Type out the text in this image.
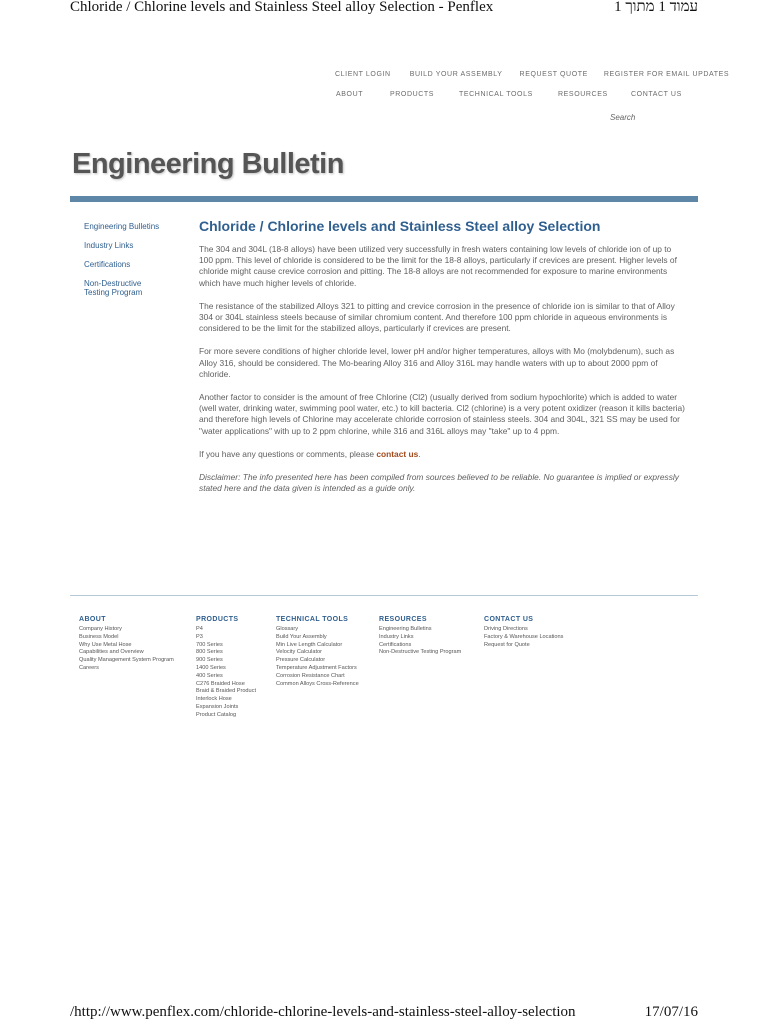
Chloride / Chlorine levels and Stainless Steel alloy Selection - Penflex	עמוד 1 מתוך 1
CLIENT LOGIN	BUILD YOUR ASSEMBLY REQUEST QUOTE REGISTER FOR EMAIL UPDATES
ABOUT	PRODUCTS	TECHNICAL TOOLS	RESOURCES	CONTACT US
Search
Engineering Bulletin
Engineering Bulletins
Industry Links
Certifications
Non-Destructive Testing Program
Chloride / Chlorine levels and Stainless Steel alloy Selection

The 304 and 304L (18-8 alloys) have been utilized very successfully in fresh waters containing low levels of chloride ion of up to 100 ppm. This level of chloride is considered to be the limit for the 18-8 alloys, particularly if crevices are present. Higher levels of chloride might cause crevice corrosion and pitting. The 18-8 alloys are not recommended for exposure to marine environments which have much higher levels of chloride.

The resistance of the stabilized Alloys 321 to pitting and crevice corrosion in the presence of chloride ion is similar to that of Alloy 304 or 304L stainless steels because of similar chromium content. And therefore 100 ppm chloride in aqueous environments is considered to be the limit for the stabilized alloys, particularly if crevices are present.

For more severe conditions of higher chloride level, lower pH and/or higher temperatures, alloys with Mo (molybdenum), such as Alloy 316, should be considered. The Mo-bearing Alloy 316 and Alloy 316L may handle waters with up to about 2000 ppm of chloride.

Another factor to consider is the amount of free Chlorine (Cl2) (usually derived from sodium hypochlorite) which is added to water (well water, drinking water, swimming pool water, etc.) to kill bacteria. Cl2 (chlorine) is a very potent oxidizer (reason it kills bacteria) and therefore high levels of Chlorine may accelerate chloride corrosion of stainless steels. 304 and 304L, 321 SS may be used for "water applications" with up to 2 ppm chlorine, while 316 and 316L alloys may "take" up to 4 ppm.

If you have any questions or comments, please contact us.

Disclaimer: The info presented here has been compiled from sources believed to be reliable. No guarantee is implied or expressly stated here and the data given is intended as a guide only.

ABOUT
Company History
Business Model
Why Use Metal Hose
Capabilities and Overview
Quality Management System Program
Careers
PRODUCTS
P4
P3
700 Series
800 Series
900 Series
1400 Series
400 Series
C276 Braided Hose
Braid & Braided Product
Interlock Hose
Expansion Joints
Product Catalog
TECHNICAL TOOLS
Glossary
Build Your Assembly
Min Live Length Calculator
Velocity Calculator
Pressure Calculator
Temperature Adjustment Factors
Corrosion Resistance Chart
Common Alloys Cross-Reference
RESOURCES
Engineering Bulletins
Industry Links
Certifications
Non-Destructive Testing Program
CONTACT US
Driving Directions
Factory & Warehouse Locations
Request for Quote
/http://www.penflex.com/chloride-chlorine-levels-and-stainless-steel-alloy-selection	17/07/16
